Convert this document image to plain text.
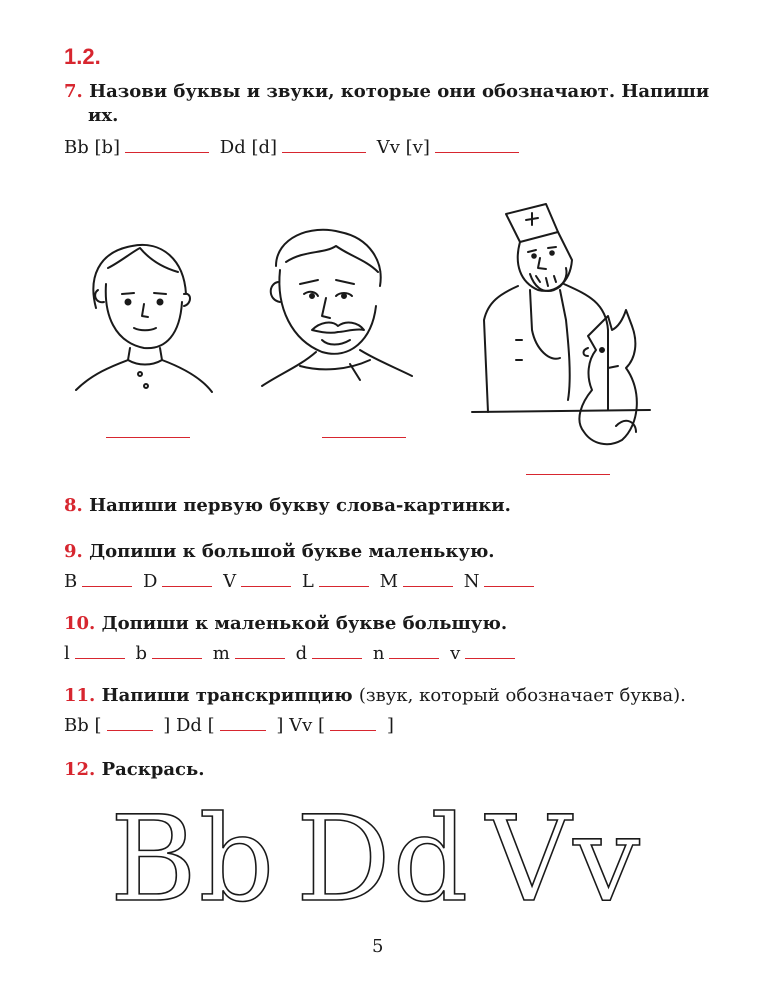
1.2.
7. Назови буквы и звуки, которые они обозначают. Напиши
их.
Bb [b]	Dd [d]	Vv [v]
8. Напиши первую букву слова-картинки.
9. Допиши к большой букве маленькую.
B	D	V	L	M	N
10. Допиши к маленькой букве большую.
l	b	m	d	n	v
11. Напиши транскрипцию (звук, который обозначает буква).
Bb [	] Dd [	] Vv [	]
12. Раскрась.
Bb Dd Vv
5
